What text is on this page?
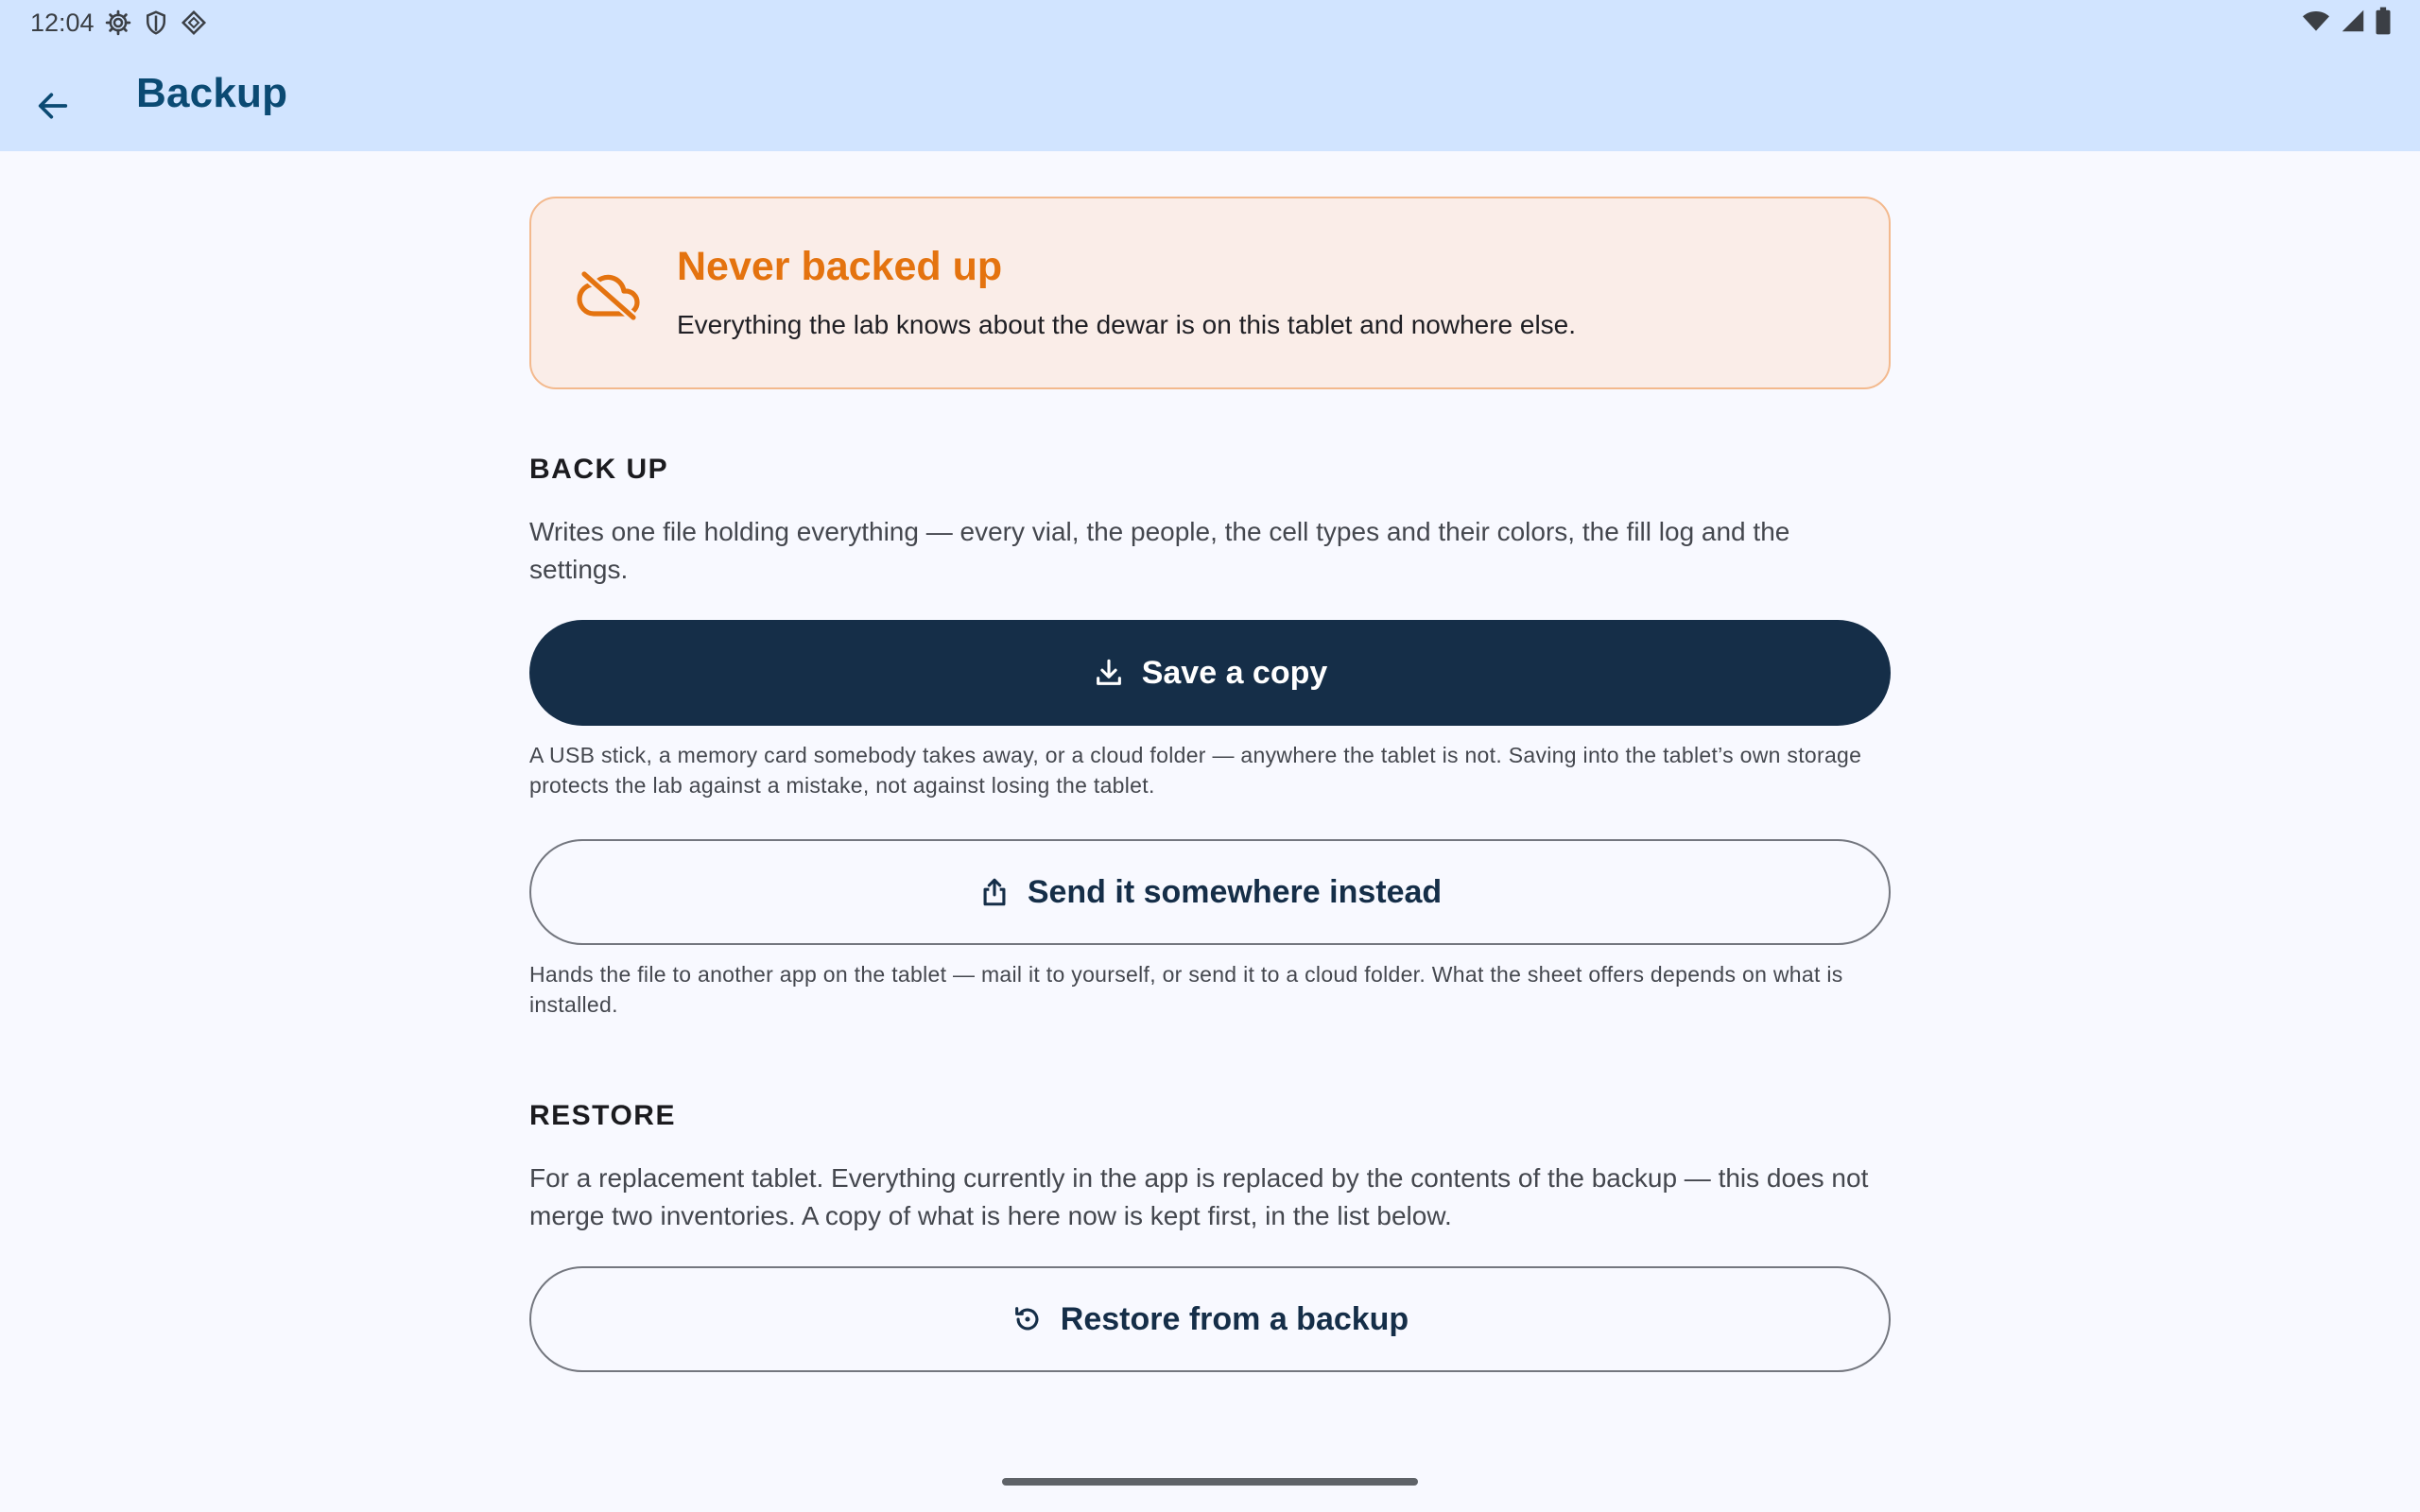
12:04
Backup
Never backed up
Everything the lab knows about the dewar is on this tablet and nowhere else.
BACK UP
Writes one file holding everything — every vial, the people, the cell types and their colors, the fill log and the settings.
Save a copy
A USB stick, a memory card somebody takes away, or a cloud folder — anywhere the tablet is not. Saving into the tablet’s own storage protects the lab against a mistake, not against losing the tablet.
Send it somewhere instead
Hands the file to another app on the tablet — mail it to yourself, or send it to a cloud folder. What the sheet offers depends on what is installed.
RESTORE
For a replacement tablet. Everything currently in the app is replaced by the contents of the backup — this does not merge two inventories. A copy of what is here now is kept first, in the list below.
Restore from a backup
